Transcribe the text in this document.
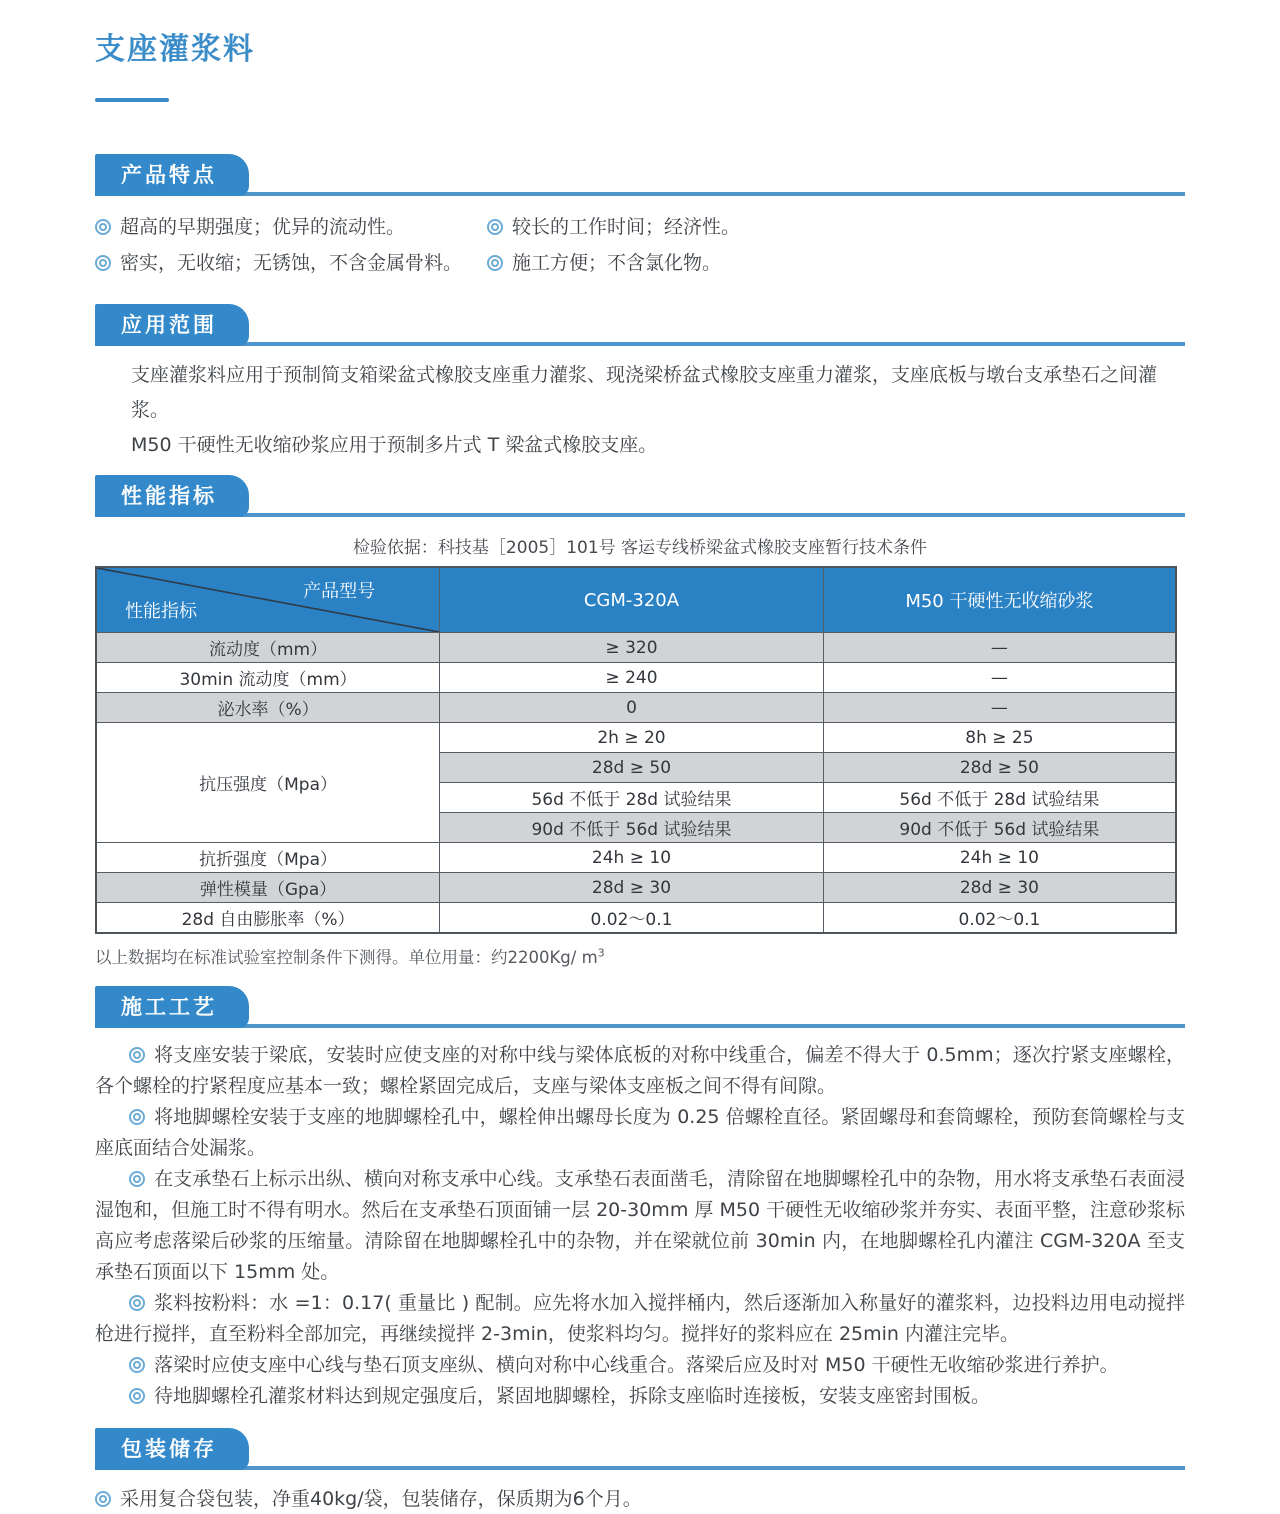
支座灌浆料
产品特点
超高的早期强度；优异的流动性。	较长的工作时间；经济性。
密实，无收缩；无锈蚀，不含金属骨料。	施工方便；不含氯化物。
应用范围
支座灌浆料应用于预制简支箱梁盆式橡胶支座重力灌浆、现浇梁桥盆式橡胶支座重力灌浆，支座底板与墩台支承垫石之间灌浆。
M50 干硬性无收缩砂浆应用于预制多片式 T 梁盆式橡胶支座。
性能指标
检验依据：科技基［2005］101号 客运专线桥梁盆式橡胶支座暂行技术条件
产品型号
性能指标	CGM-320A	M50 干硬性无收缩砂浆
流动度（mm）	≥ 320	—
30min 流动度（mm）	≥ 240	—
泌水率（%）	0	—
抗压强度（Mpa）	2h ≥ 20	8h ≥ 25
	28d ≥ 50	28d ≥ 50
	56d 不低于 28d 试验结果	56d 不低于 28d 试验结果
	90d 不低于 56d 试验结果	90d 不低于 56d 试验结果
抗折强度（Mpa）	24h ≥ 10	24h ≥ 10
弹性模量（Gpa）	28d ≥ 30	28d ≥ 30
28d 自由膨胀率（%）	0.02～0.1	0.02～0.1
以上数据均在标准试验室控制条件下测得。单位用量：约2200Kg/ $m^3$
施工工艺

将支座安装于梁底，安装时应使支座的对称中线与梁体底板的对称中线重合，偏差不得大于 0.5mm；逐次拧紧支座螺栓，各个螺栓的拧紧程度应基本一致；螺栓紧固完成后，支座与梁体支座板之间不得有间隙。

将地脚螺栓安装于支座的地脚螺栓孔中，螺栓伸出螺母长度为 0.25 倍螺栓直径。紧固螺母和套筒螺栓，预防套筒螺栓与支座底面结合处漏浆。

在支承垫石上标示出纵、横向对称支承中心线。支承垫石表面凿毛，清除留在地脚螺栓孔中的杂物，用水将支承垫石表面浸湿饱和，但施工时不得有明水。然后在支承垫石顶面铺一层 20-30mm 厚 M50 干硬性无收缩砂浆并夯实、表面平整，注意砂浆标高应考虑落梁后砂浆的压缩量。清除留在地脚螺栓孔中的杂物，并在梁就位前 30min 内，在地脚螺栓孔内灌注 CGM-320A 至支承垫石顶面以下 15mm 处。

浆料按粉料：水 =1：0.17( 重量比 ) 配制。应先将水加入搅拌桶内，然后逐渐加入称量好的灌浆料，边投料边用电动搅拌枪进行搅拌，直至粉料全部加完，再继续搅拌 2-3min，使浆料均匀。搅拌好的浆料应在 25min 内灌注完毕。

落梁时应使支座中心线与垫石顶支座纵、横向对称中心线重合。落梁后应及时对 M50 干硬性无收缩砂浆进行养护。

待地脚螺栓孔灌浆材料达到规定强度后，紧固地脚螺栓，拆除支座临时连接板，安装支座密封围板。

包装储存
采用复合袋包装，净重40kg/袋，包装储存，保质期为6个月。
